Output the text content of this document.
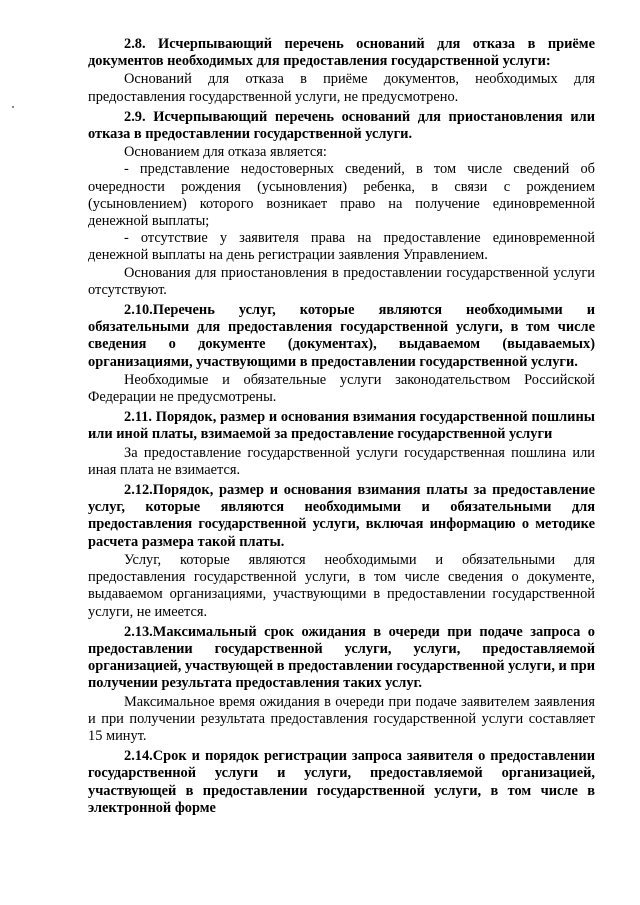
2.8. Исчерпывающий перечень оснований для отказа в приёме документов необходимых для предоставления государственной услуги:

Оснований для отказа в приёме документов, необходимых для предоставления государственной услуги, не предусмотрено.

2.9. Исчерпывающий перечень оснований для приостановления или отказа в предоставлении государственной услуги.

Основанием для отказа является:

- представление недостоверных сведений, в том числе сведений об очередности рождения (усыновления) ребенка, в связи с рождением (усыновлением) которого возникает право на получение единовременной денежной выплаты;

- отсутствие у заявителя права на предоставление единовременной денежной выплаты на день регистрации заявления Управлением.

Основания для приостановления в предоставлении государственной услуги отсутствуют.

2.10.Перечень услуг, которые являются необходимыми и обязательными для предоставления государственной услуги, в том числе сведения о документе (документах), выдаваемом (выдаваемых) организациями, участвующими в предоставлении государственной услуги.

Необходимые и обязательные услуги законодательством Российской Федерации не предусмотрены.

2.11. Порядок, размер и основания взимания государственной пошлины или иной платы, взимаемой за предоставление государственной услуги

За предоставление государственной услуги государственная пошлина или иная плата не взимается.

2.12.Порядок, размер и основания взимания платы за предоставление услуг, которые являются необходимыми и обязательными для предоставления государственной услуги, включая информацию о методике расчета размера такой платы.

Услуг, которые являются необходимыми и обязательными для предоставления государственной услуги, в том числе сведения о документе, выдаваемом организациями, участвующими в предоставлении государственной услуги, не имеется.

2.13.Максимальный срок ожидания в очереди при подаче запроса о предоставлении государственной услуги, услуги, предоставляемой организацией, участвующей в предоставлении государственной услуги, и при получении результата предоставления таких услуг.

Максимальное время ожидания в очереди при подаче заявителем заявления и при получении результата предоставления государственной услуги составляет 15 минут.

2.14.Срок и порядок регистрации запроса заявителя о предоставлении государственной услуги и услуги, предоставляемой организацией, участвующей в предоставлении государственной услуги, в том числе в электронной форме
